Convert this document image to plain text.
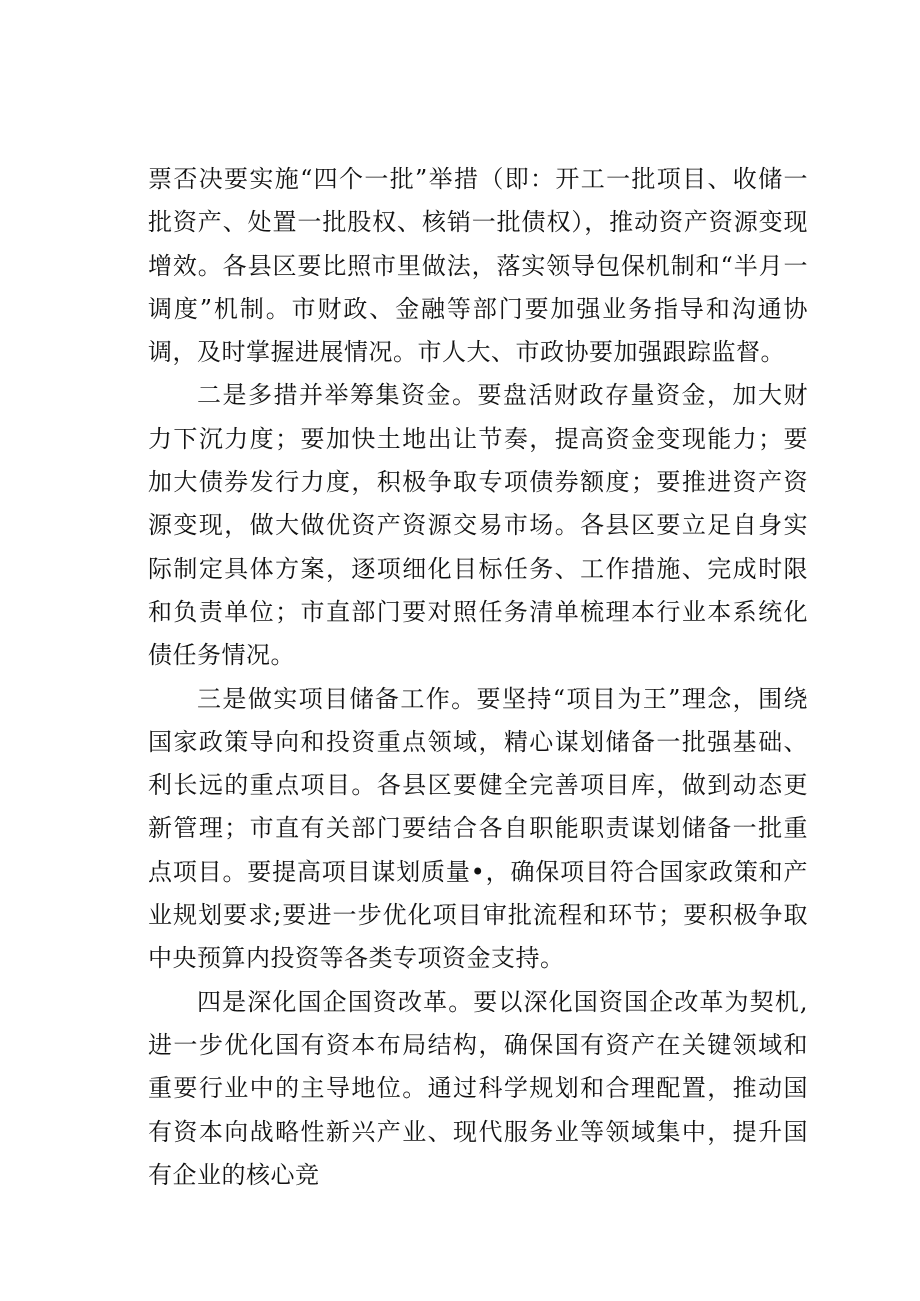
票否决要实施“四个一批”举措（即：开工一批项目、收储一批资产、处置一批股权、核销一批债权），推动资产资源变现增效。各县区要比照市里做法，落实领导包保机制和“半月一调度”机制。市财政、金融等部门要加强业务指导和沟通协调，及时掌握进展情况。市人大、市政协要加强跟踪监督。

二是多措并举筹集资金。要盘活财政存量资金，加大财力下沉力度；要加快土地出让节奏，提高资金变现能力；要加大债券发行力度，积极争取专项债券额度；要推进资产资源变现，做大做优资产资源交易市场。各县区要立足自身实际制定具体方案，逐项细化目标任务、工作措施、完成时限和负责单位；市直部门要对照任务清单梳理本行业本系统化债任务情况。

三是做实项目储备工作。要坚持“项目为王”理念，围绕国家政策导向和投资重点领域，精心谋划储备一批强基础、利长远的重点项目。各县区要健全完善项目库，做到动态更新管理；市直有关部门要结合各自职能职责谋划储备一批重点项目。要提高项目谋划质量•，确保项目符合国家政策和产业规划要求;要进一步优化项目审批流程和环节；要积极争取中央预算内投资等各类专项资金支持。

四是深化国企国资改革。要以深化国资国企改革为契机,进一步优化国有资本布局结构，确保国有资产在关键领域和重要行业中的主导地位。通过科学规划和合理配置，推动国有资本向战略性新兴产业、现代服务业等领域集中，提升国有企业的核心竞
